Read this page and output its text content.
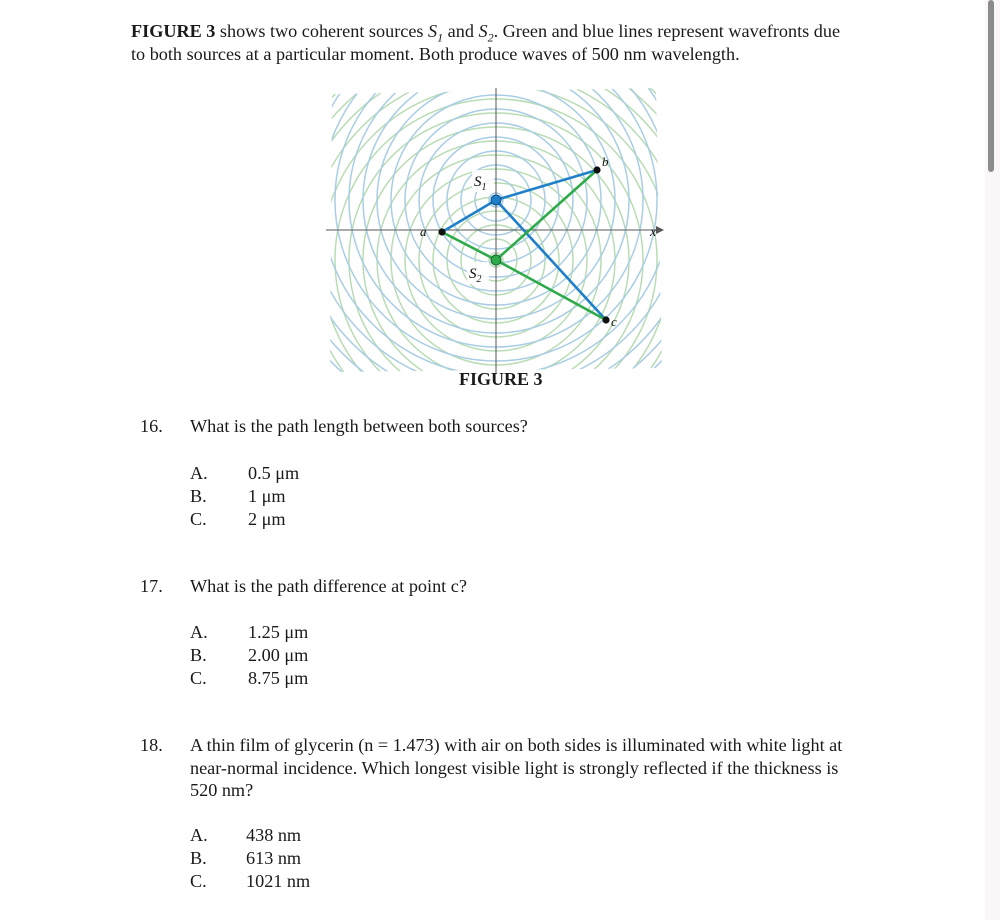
FIGURE 3 shows two coherent sources $S_1$ and $S_2$. Green and blue lines represent wavefronts due to both sources at a particular moment. Both produce waves of 500 nm wavelength.
$S_1$
$S_2$
a
b
c
x
FIGURE 3
16. What is the path length between both sources?
A. 0.5 μm
B. 1 μm
C. 2 μm
17. What is the path difference at point c?
A. 1.25 μm
B. 2.00 μm
C. 8.75 μm
18. A thin film of glycerin (n = 1.473) with air on both sides is illuminated with white light at near-normal incidence. Which longest visible light is strongly reflected if the thickness is 520 nm?
A. 438 nm
B. 613 nm
C. 1021 nm
